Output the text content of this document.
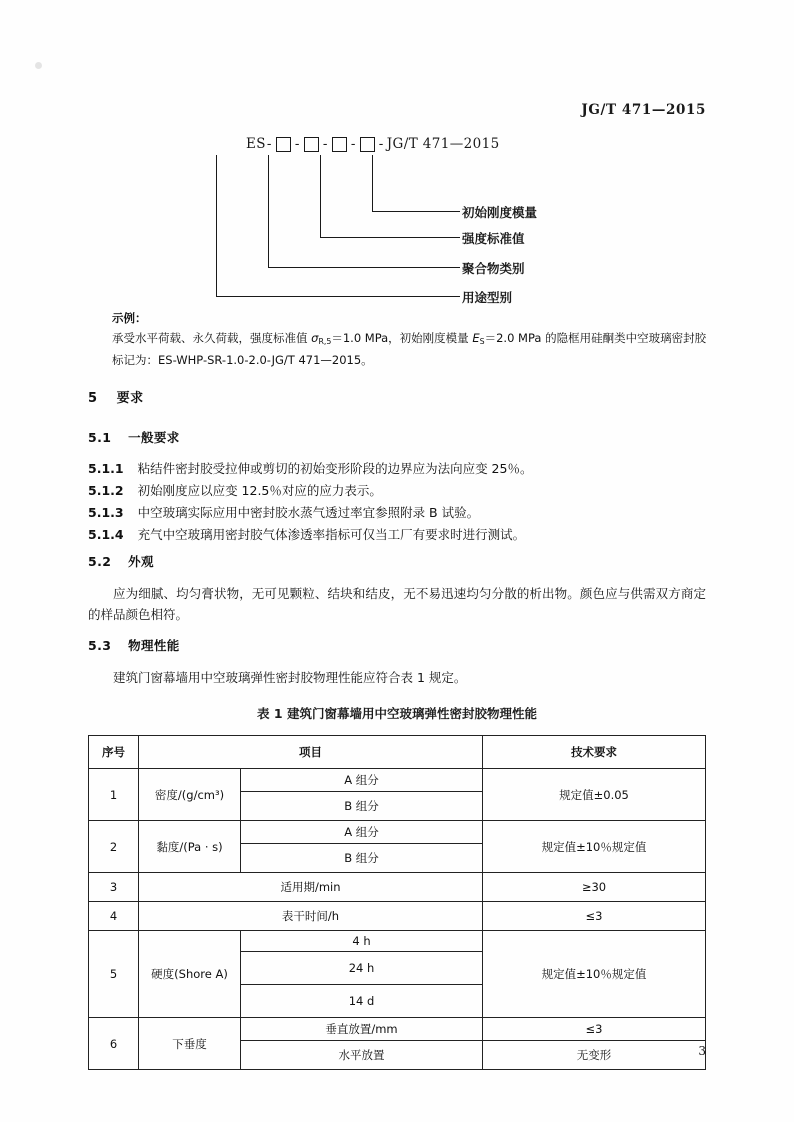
JG/T 471—2015
ES - - - - - JG/T 471—2015
初始刚度模量
强度标准值
聚合物类别
用途型别
示例：
承受水平荷载、永久荷载，强度标准值 $\sigma_{R,5}=1.0$ MPa，初始刚度模量 $E_S=2.0$ MPa 的隐框用硅酮类中空玻璃密封胶
标记为：ES-WHP-SR-1.0-2.0-JG/T 471—2015。
5 要求
5.1 一般要求
5.1.1 粘结件密封胶受拉伸或剪切的初始变形阶段的边界应为法向应变 25％。
5.1.2 初始刚度应以应变 12.5％对应的应力表示。
5.1.3 中空玻璃实际应用中密封胶水蒸气透过率宜参照附录 B 试验。
5.1.4 充气中空玻璃用密封胶气体渗透率指标可仅当工厂有要求时进行测试。
5.2 外观
应为细腻、均匀膏状物，无可见颗粒、结块和结皮，无不易迅速均匀分散的析出物。颜色应与供需双方商定的样品颜色相符。
5.3 物理性能
建筑门窗幕墙用中空玻璃弹性密封胶物理性能应符合表 1 规定。
表 1 建筑门窗幕墙用中空玻璃弹性密封胶物理性能
序号	项目		技术要求
1	密度/(g/cm³)	A 组分	规定值±0.05
		B 组分	
2	黏度/(Pa · s)	A 组分	规定值±10％规定值
		B 组分	
3	适用期/min		≥30
4	表干时间/h		≤3
5	硬度(Shore A)	4 h	规定值±10％规定值
		24 h	
		14 d	
6	下垂度	垂直放置/mm	≤3
		水平放置	无变形	3
